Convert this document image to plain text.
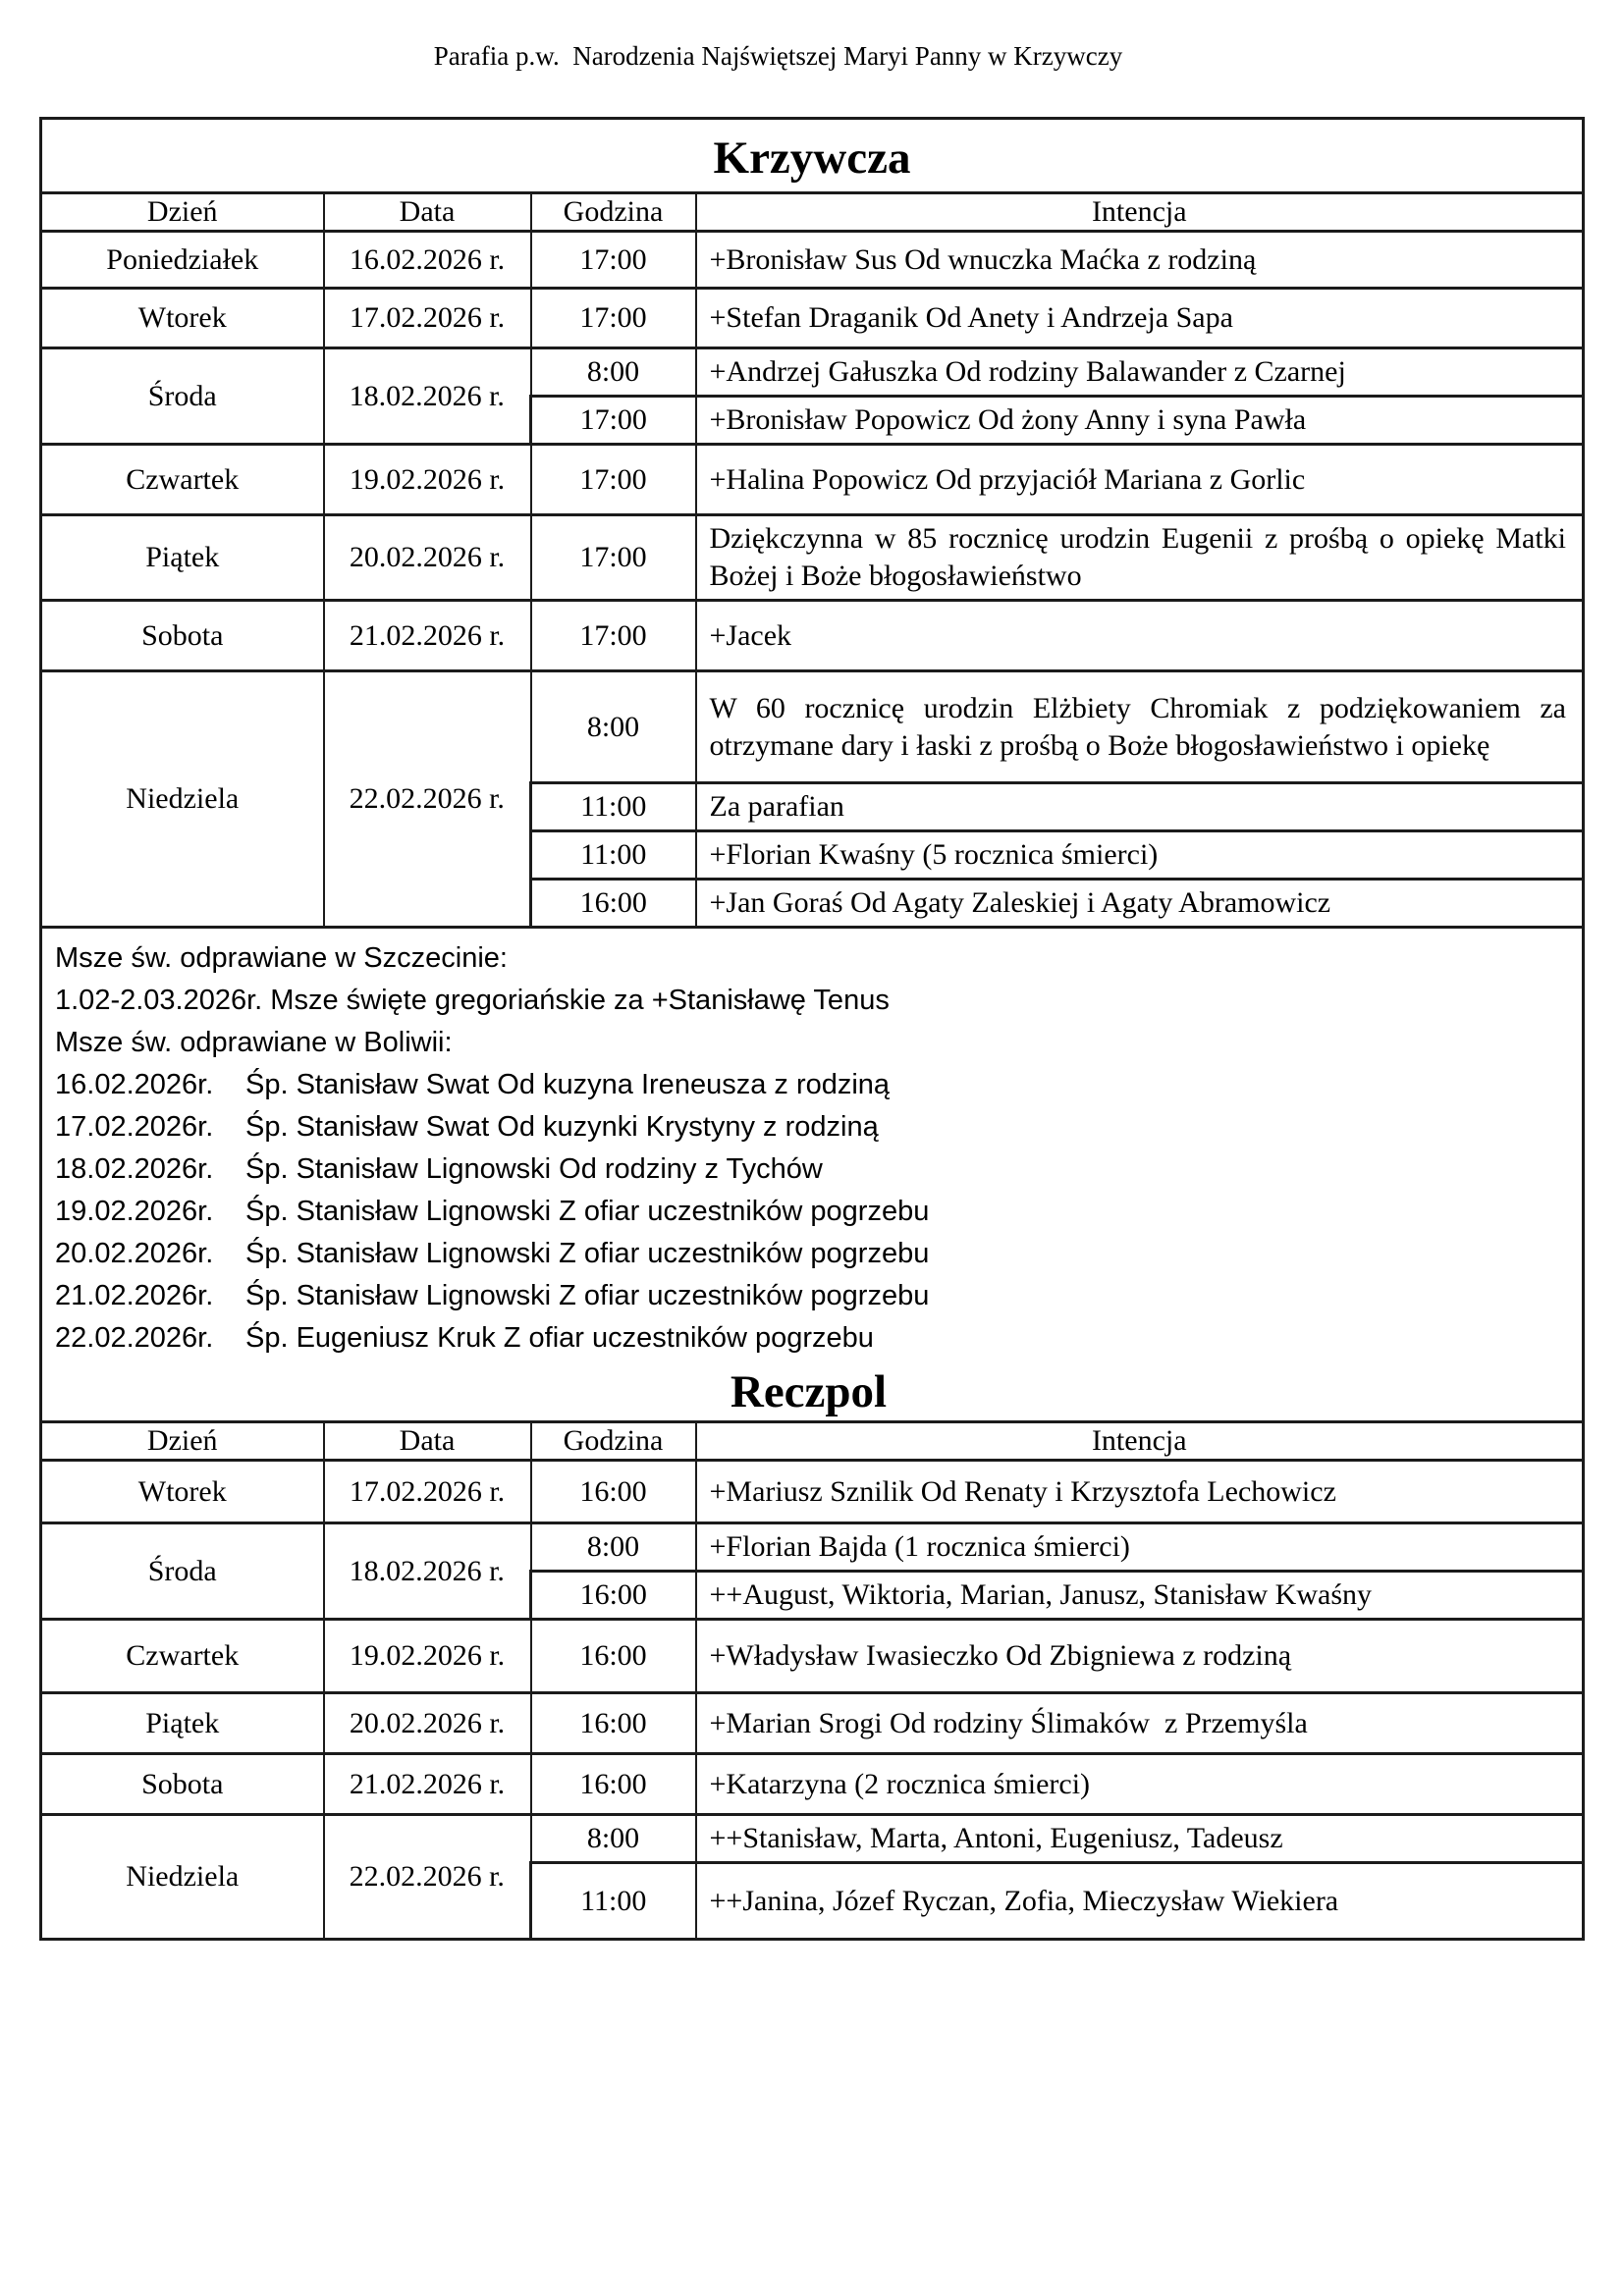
Parafia p.w.  Narodzenia Najświętszej Maryi Panny w Krzywczy
Krzywcza
Dzień	Data	Godzina	Intencja
Poniedziałek	16.02.2026 r.	17:00	+Bronisław Sus Od wnuczka Maćka z rodziną
Wtorek	17.02.2026 r.	17:00	+Stefan Draganik Od Anety i Andrzeja Sapa
Środa	18.02.2026 r.	8:00	+Andrzej Gałuszka Od rodziny Balawander z Czarnej
		17:00	+Bronisław Popowicz Od żony Anny i syna Pawła
Czwartek	19.02.2026 r.	17:00	+Halina Popowicz Od przyjaciół Mariana z Gorlic
Piątek	20.02.2026 r.	17:00	Dziękczynna w 85 rocznicę urodzin Eugenii z prośbą o opiekę Matki Bożej i Boże błogosławieństwo
Sobota	21.02.2026 r.	17:00	+Jacek
Niedziela	22.02.2026 r.	8:00	W 60 rocznicę urodzin Elżbiety Chromiak z podziękowaniem za otrzymane dary i łaski z prośbą o Boże błogosławieństwo i opiekę
		11:00	Za parafian
		11:00	+Florian Kwaśny (5 rocznica śmierci)
		16:00	+Jan Goraś Od Agaty Zaleskiej i Agaty Abramowicz
Msze św. odprawiane w Szczecinie:
1.02-2.03.2026r. Msze święte gregoriańskie za +Stanisławę Tenus
Msze św. odprawiane w Boliwii:
16.02.2026r. Śp. Stanisław Swat Od kuzyna Ireneusza z rodziną
17.02.2026r. Śp. Stanisław Swat Od kuzynki Krystyny z rodziną
18.02.2026r. Śp. Stanisław Lignowski Od rodziny z Tychów
19.02.2026r. Śp. Stanisław Lignowski Z ofiar uczestników pogrzebu
20.02.2026r. Śp. Stanisław Lignowski Z ofiar uczestników pogrzebu
21.02.2026r. Śp. Stanisław Lignowski Z ofiar uczestników pogrzebu
22.02.2026r. Śp. Eugeniusz Kruk Z ofiar uczestników pogrzebu
Reczpol
Dzień	Data	Godzina	Intencja
Wtorek	17.02.2026 r.	16:00	+Mariusz Sznilik Od Renaty i Krzysztofa Lechowicz
Środa	18.02.2026 r.	8:00	+Florian Bajda (1 rocznica śmierci)
		16:00	++August, Wiktoria, Marian, Janusz, Stanisław Kwaśny
Czwartek	19.02.2026 r.	16:00	+Władysław Iwasieczko Od Zbigniewa z rodziną
Piątek	20.02.2026 r.	16:00	+Marian Srogi Od rodziny Ślimaków  z Przemyśla
Sobota	21.02.2026 r.	16:00	+Katarzyna (2 rocznica śmierci)
Niedziela	22.02.2026 r.	8:00	++Stanisław, Marta, Antoni, Eugeniusz, Tadeusz
		11:00	++Janina, Józef Ryczan, Zofia, Mieczysław Wiekiera
